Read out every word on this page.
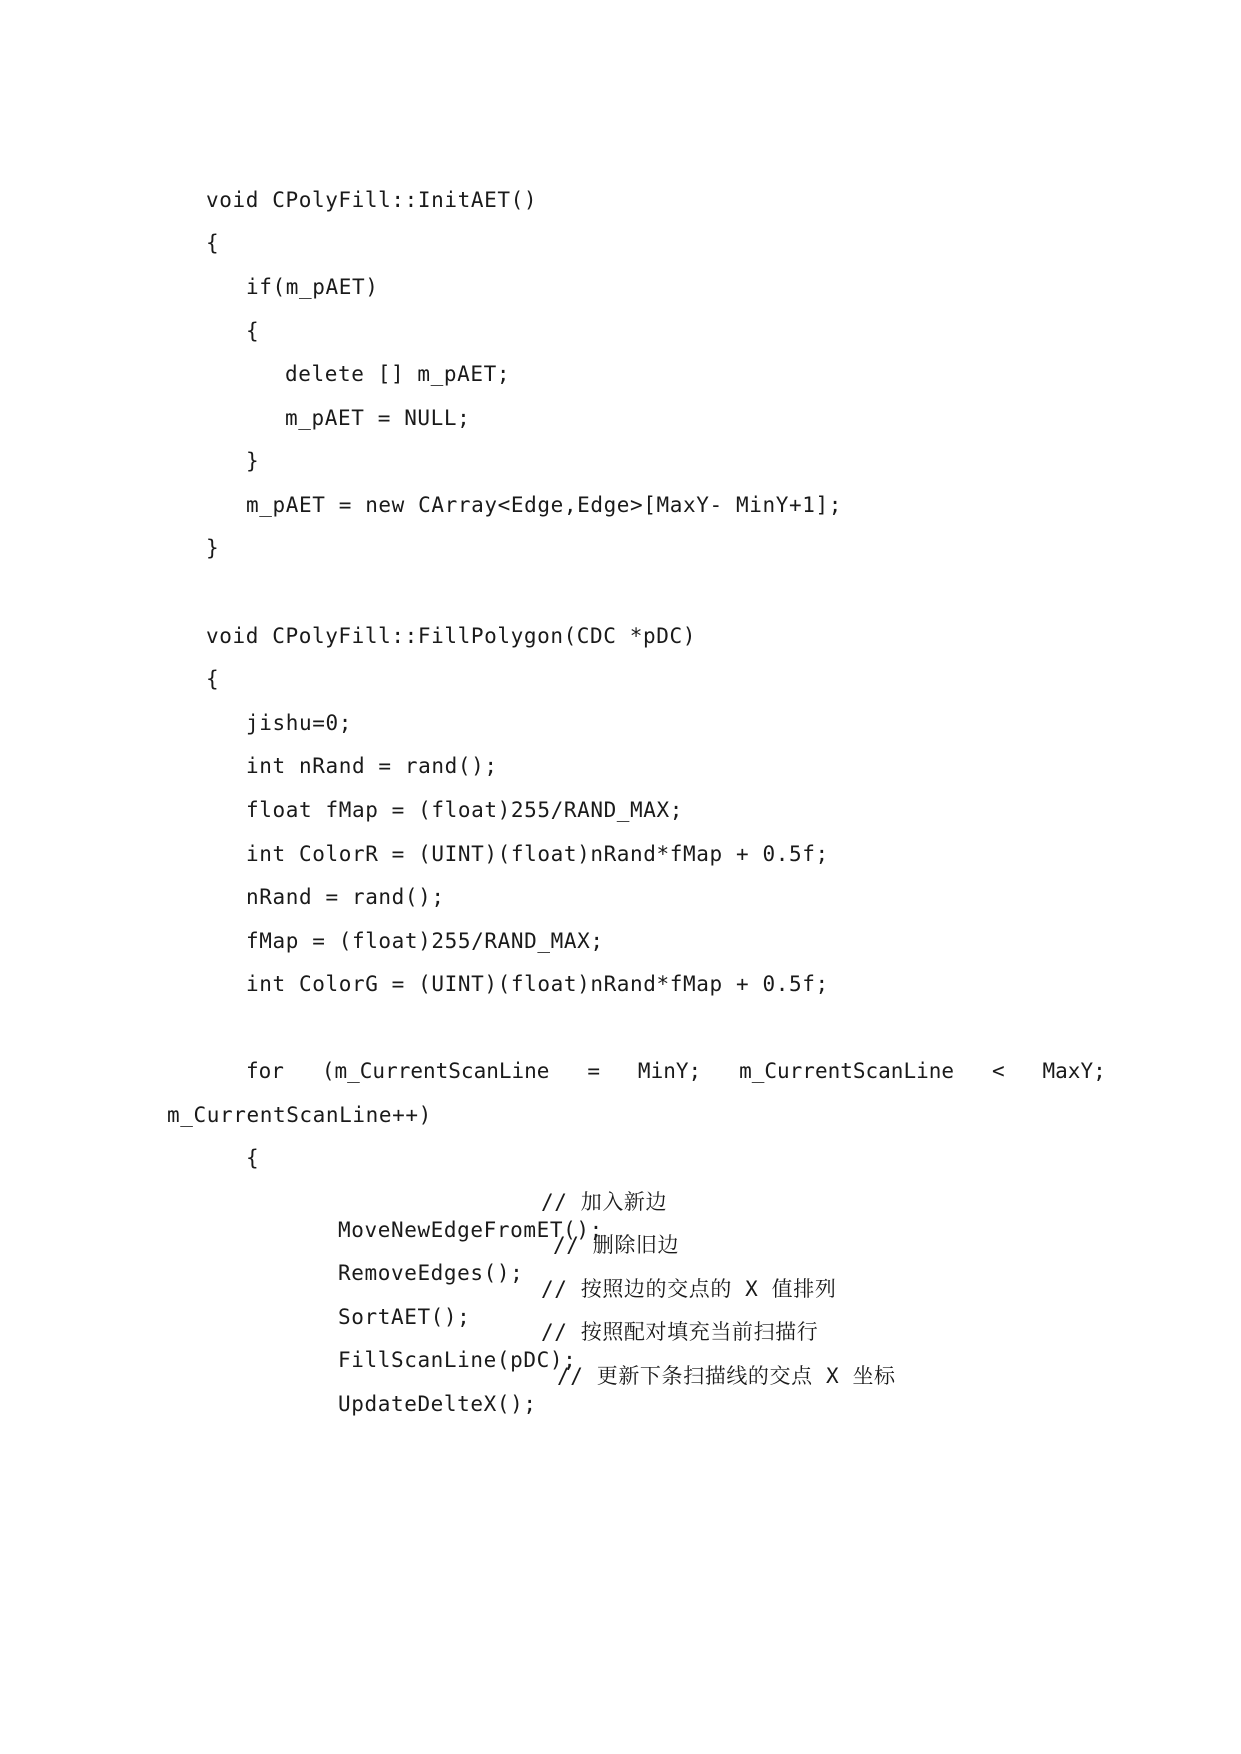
void CPolyFill::InitAET()
{
if(m_pAET)
{
delete [] m_pAET;
m_pAET = NULL;
}
m_pAET = new CArray<Edge,Edge>[MaxY- MinY+1];
}
void CPolyFill::FillPolygon(CDC *pDC)
{
jishu=0;
int nRand = rand();
float fMap = (float)255/RAND_MAX;
int ColorR = (UINT)(float)nRand*fMap + 0.5f;
nRand = rand();
fMap = (float)255/RAND_MAX;
int ColorG = (UINT)(float)nRand*fMap + 0.5f;
for   (m_CurrentScanLine   =   MinY;   m_CurrentScanLine   <   MaxY;
m_CurrentScanLine++)
{

MoveNewEdgeFromET();

// 加入新边

RemoveEdges();

// 删除旧边

SortAET();

// 按照边的交点的 X 值排列

FillScanLine(pDC);

// 按照配对填充当前扫描行

UpdateDelteX();

// 更新下条扫描线的交点 X 坐标
